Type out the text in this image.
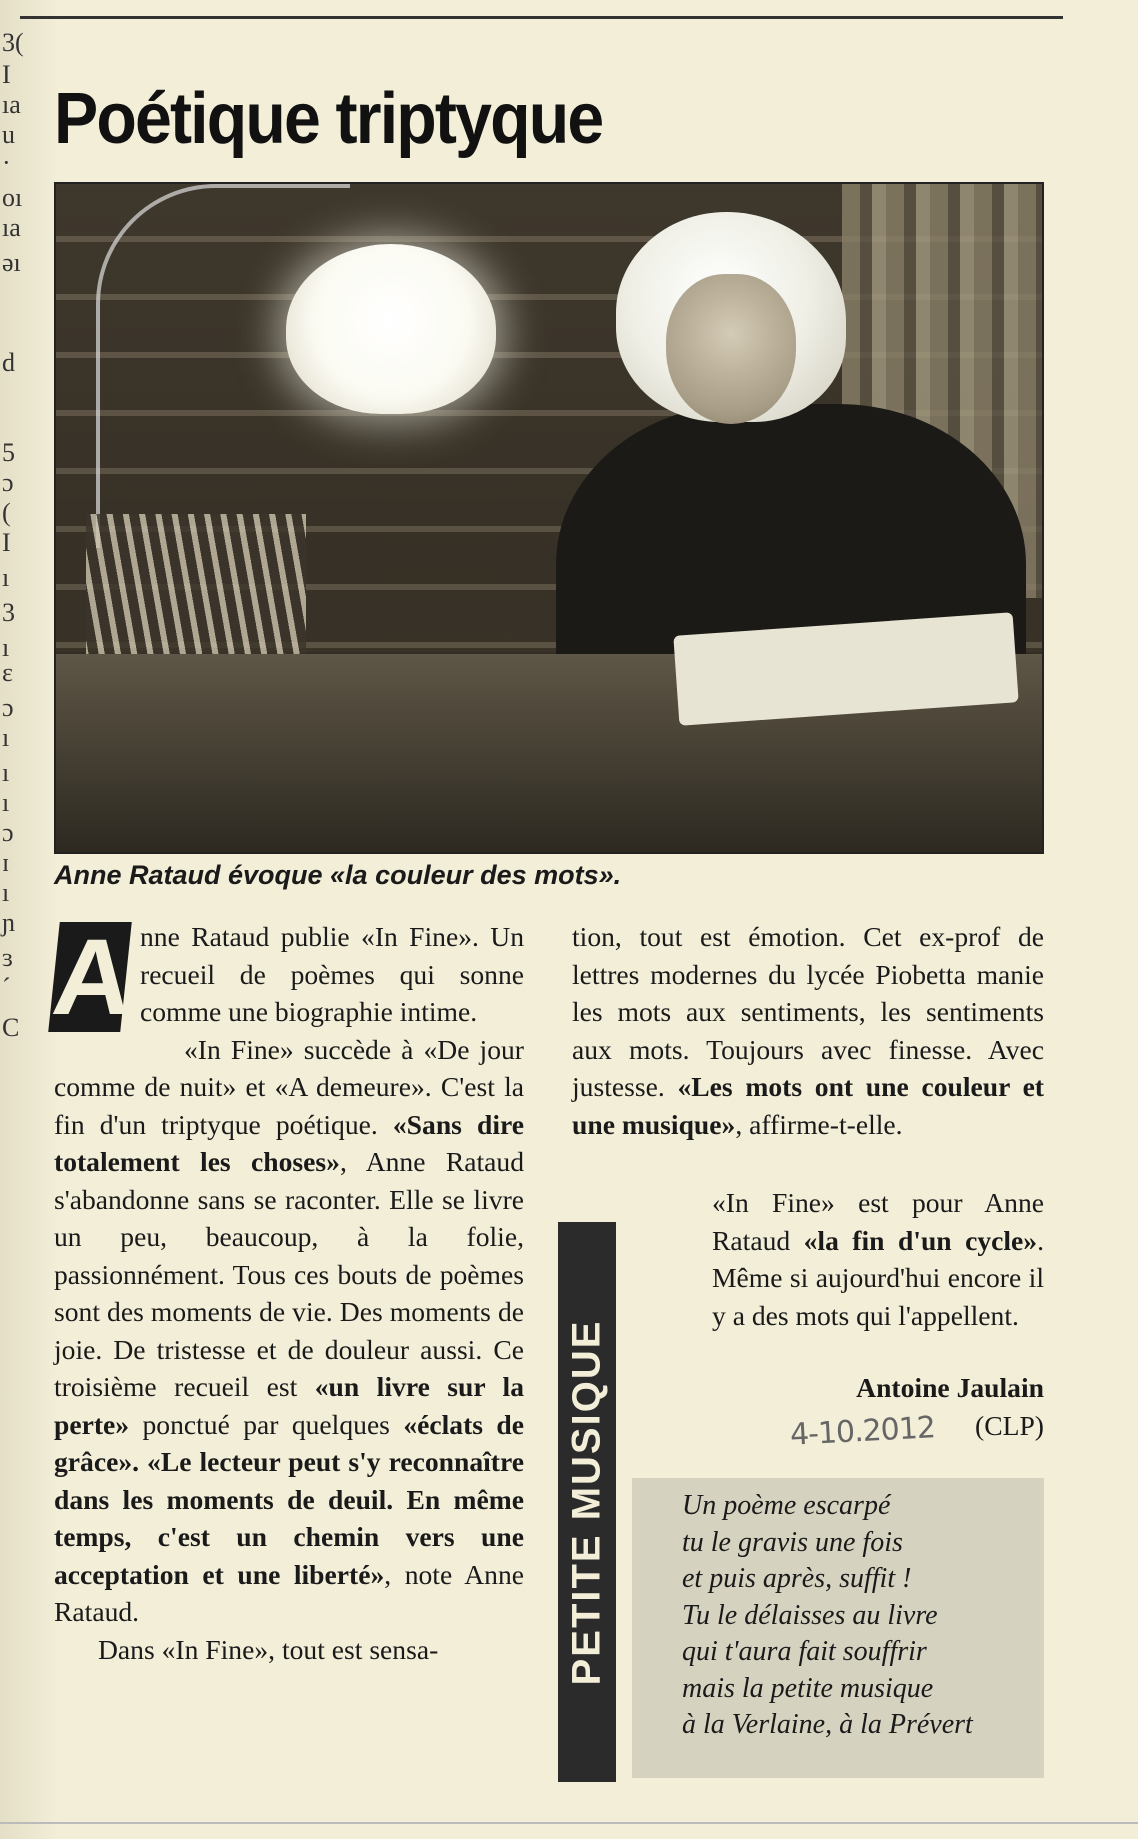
3(
I
ıa
u
·
oı
ıa
əı
d
5
ɔ
(
I
ı
3
ı
ɛ
ɔ
ı
ı
ı
ɔ
ɪ
ı
ɲ
ɜ
ˊ
C
Poétique triptyque

Anne Rataud évoque «la couleur des mots».

A nne Rataud publie «In Fine». Un recueil de poèmes qui sonne comme une biographie intime.

«In Fine» succède à «De jour comme de nuit» et «A demeure». C'est la fin d'un triptyque poétique. «Sans dire totalement les choses», Anne Rataud s'abandonne sans se raconter. Elle se livre un peu, beaucoup, à la folie, passionnément. Tous ces bouts de poèmes sont des moments de vie. Des moments de joie. De tristesse et de douleur aussi. Ce troisième recueil est «un livre sur la perte» ponctué par quelques «éclats de grâce». «Le lecteur peut s'y reconnaître dans les moments de deuil. En même temps, c'est un chemin vers une acceptation et une liberté», note Anne Rataud.

Dans «In Fine», tout est sensa-

tion, tout est émotion. Cet ex-prof de lettres modernes du lycée Piobetta manie les mots aux sentiments, les sentiments aux mots. Toujours avec finesse. Avec justesse. «Les mots ont une couleur et une musique», affirme-t-elle.

PETITE MUSIQUE

«In Fine» est pour Anne Rataud «la fin d'un cycle». Même si aujourd'hui encore il y a des mots qui l'appellent.

Antoine Jaulain
4-10.2012 (CLP)

Un poème escarpé

tu le gravis une fois

et puis après, suffit !

Tu le délaisses au livre

qui t'aura fait souffrir

mais la petite musique

à la Verlaine, à la Prévert
